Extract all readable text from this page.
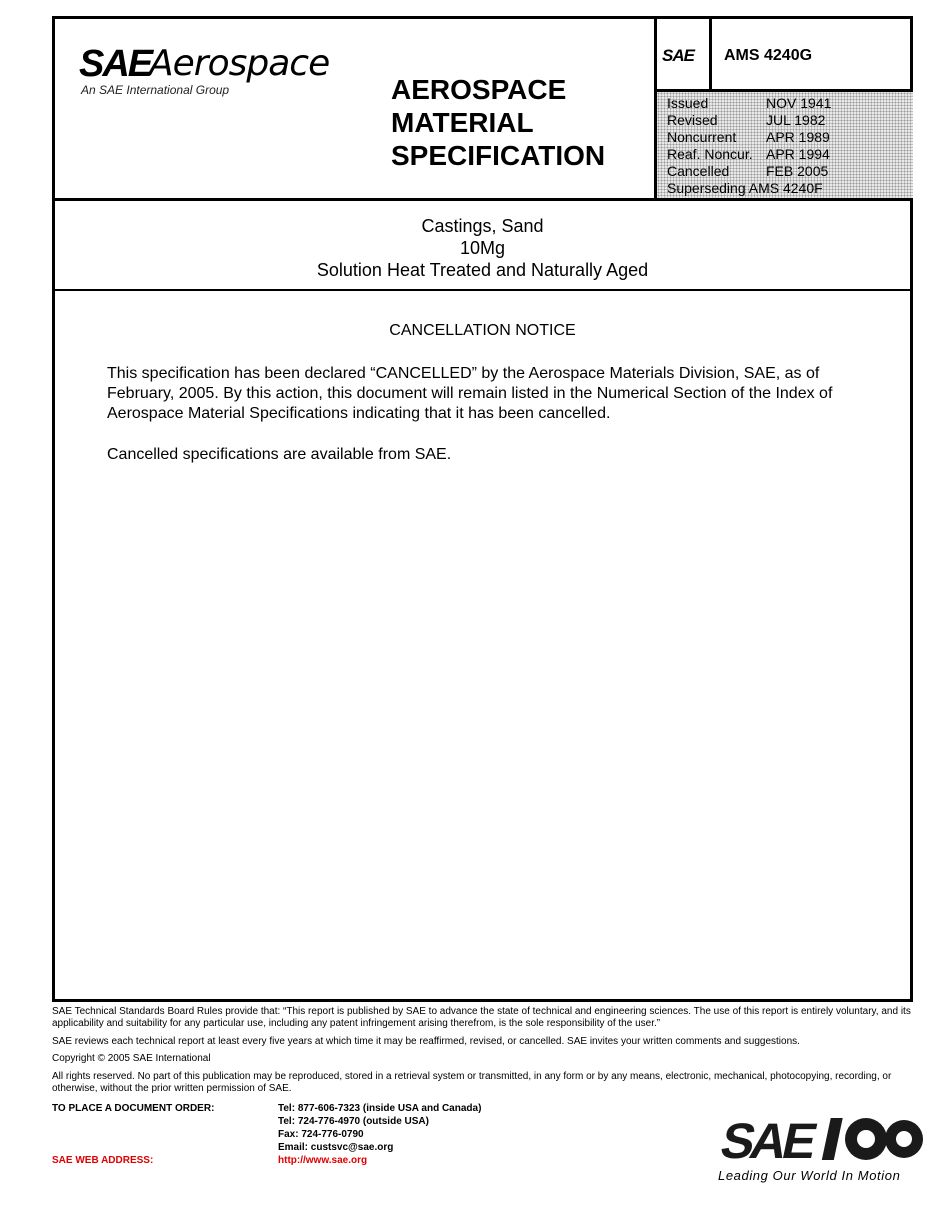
SAE
Aerospace
An SAE International Group	AEROSPACE
MATERIAL
SPECIFICATION
SAE AMS 4240G
Issued	NOV 1941
Revised	JUL 1982
Noncurrent APR 1989
Reaf. Noncur. APR 1994
Cancelled	FEB 2005
Superseding AMS 4240F
Castings, Sand
10Mg
Solution Heat Treated and Naturally Aged
CANCELLATION NOTICE
This specification has been declared “CANCELLED” by the Aerospace Materials Division, SAE, as of February, 2005. By this action, this document will remain listed in the Numerical Section of the Index of Aerospace Material Specifications indicating that it has been cancelled.
Cancelled specifications are available from SAE.
SAE Technical Standards Board Rules provide that: “This report is published by SAE to advance the state of technical and engineering sciences. The use of this report is entirely voluntary, and its applicability and suitability for any particular use, including any patent infringement arising therefrom, is the sole responsibility of the user.”
SAE reviews each technical report at least every five years at which time it may be reaffirmed, revised, or cancelled. SAE invites your written comments and suggestions.
Copyright © 2005 SAE International
All rights reserved. No part of this publication may be reproduced, stored in a retrieval system or transmitted, in any form or by any means, electronic, mechanical, photocopying, recording, or otherwise, without the prior written permission of SAE.
TO PLACE A DOCUMENT ORDER:	Tel: 877-606-7323 (inside USA and Canada)
Tel: 724-776-4970 (outside USA)
Fax: 724-776-0790
Email: custsvc@sae.org
SAE WEB ADDRESS:	http://www.sae.org	SAE
Leading Our World In Motion
